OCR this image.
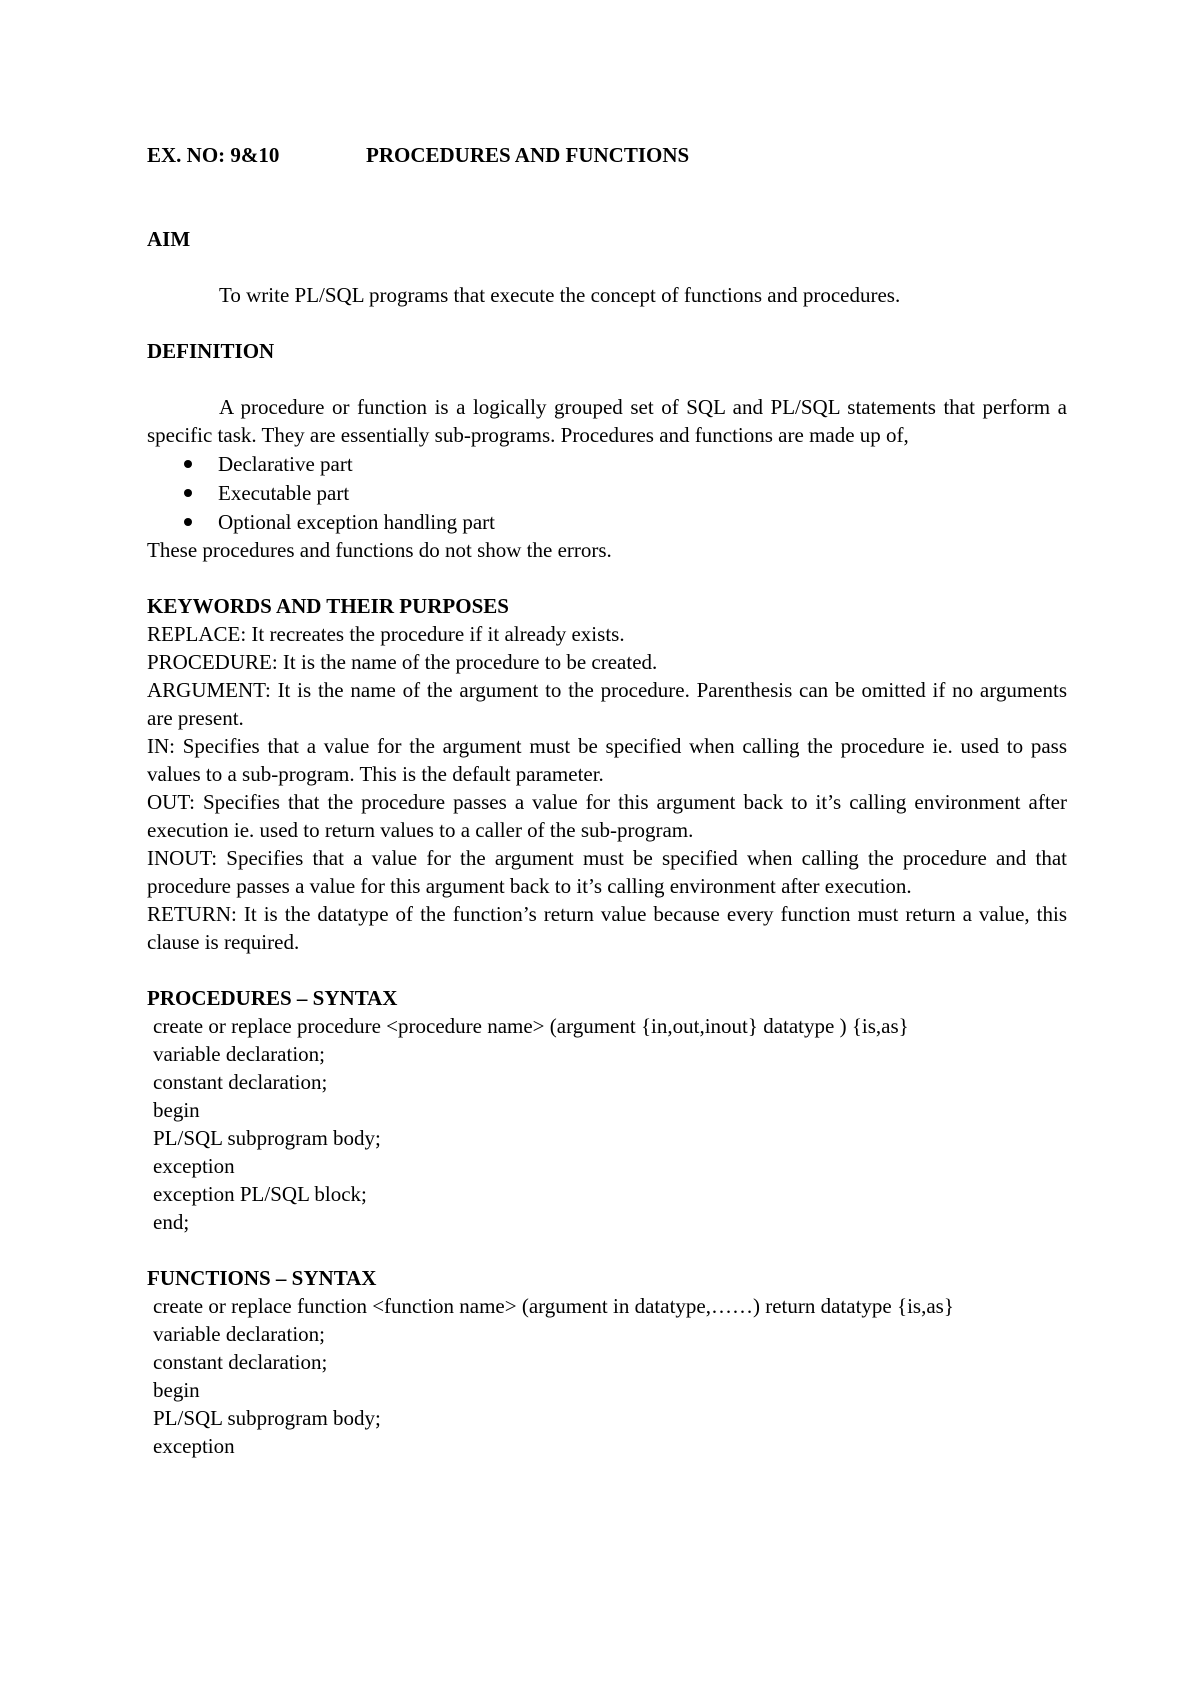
EX. NO: 9&10	PROCEDURES AND FUNCTIONS
AIM

To write PL/SQL programs that execute the concept of functions and procedures.

DEFINITION

A procedure or function is a logically grouped set of SQL and PL/SQL statements that perform a specific task. They are essentially sub-programs. Procedures and functions are made up of,

Declarative part
Executable part
Optional exception handling part

These procedures and functions do not show the errors.

KEYWORDS AND THEIR PURPOSES

REPLACE: It recreates the procedure if it already exists.

PROCEDURE: It is the name of the procedure to be created.

ARGUMENT: It is the name of the argument to the procedure. Parenthesis can be omitted if no arguments are present.

IN: Specifies that a value for the argument must be specified when calling the procedure ie. used to pass values to a sub-program. This is the default parameter.

OUT: Specifies that the procedure passes a value for this argument back to it’s calling environment after execution ie. used to return values to a caller of the sub-program.

INOUT: Specifies that a value for the argument must be specified when calling the procedure and that procedure passes a value for this argument back to it’s calling environment after execution.

RETURN: It is the datatype of the function’s return value because every function must return a value, this clause is required.

PROCEDURES – SYNTAX

create or replace procedure <procedure name> (argument {in,out,inout} datatype ) {is,as}

variable declaration;

constant declaration;

begin

PL/SQL subprogram body;

exception

exception PL/SQL block;

end;

FUNCTIONS – SYNTAX

create or replace function <function name> (argument in datatype,……) return datatype {is,as}

variable declaration;

constant declaration;

begin

PL/SQL subprogram body;

exception
